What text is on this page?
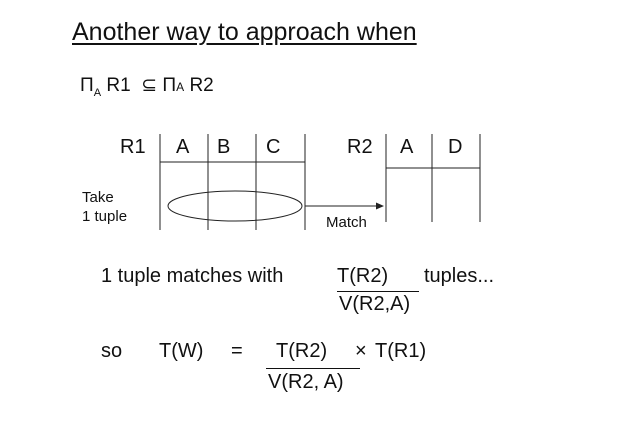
Another way to approach when
$\Pi_A$ R1 ⊆ ΠA R2
R1 A B C	R2 A D
Take
1 tuple	Match
1 tuple matches with	T(R2) tuples...
V(R2,A)
so T(W) = T(R2) × T(R1)
V(R2, A)
